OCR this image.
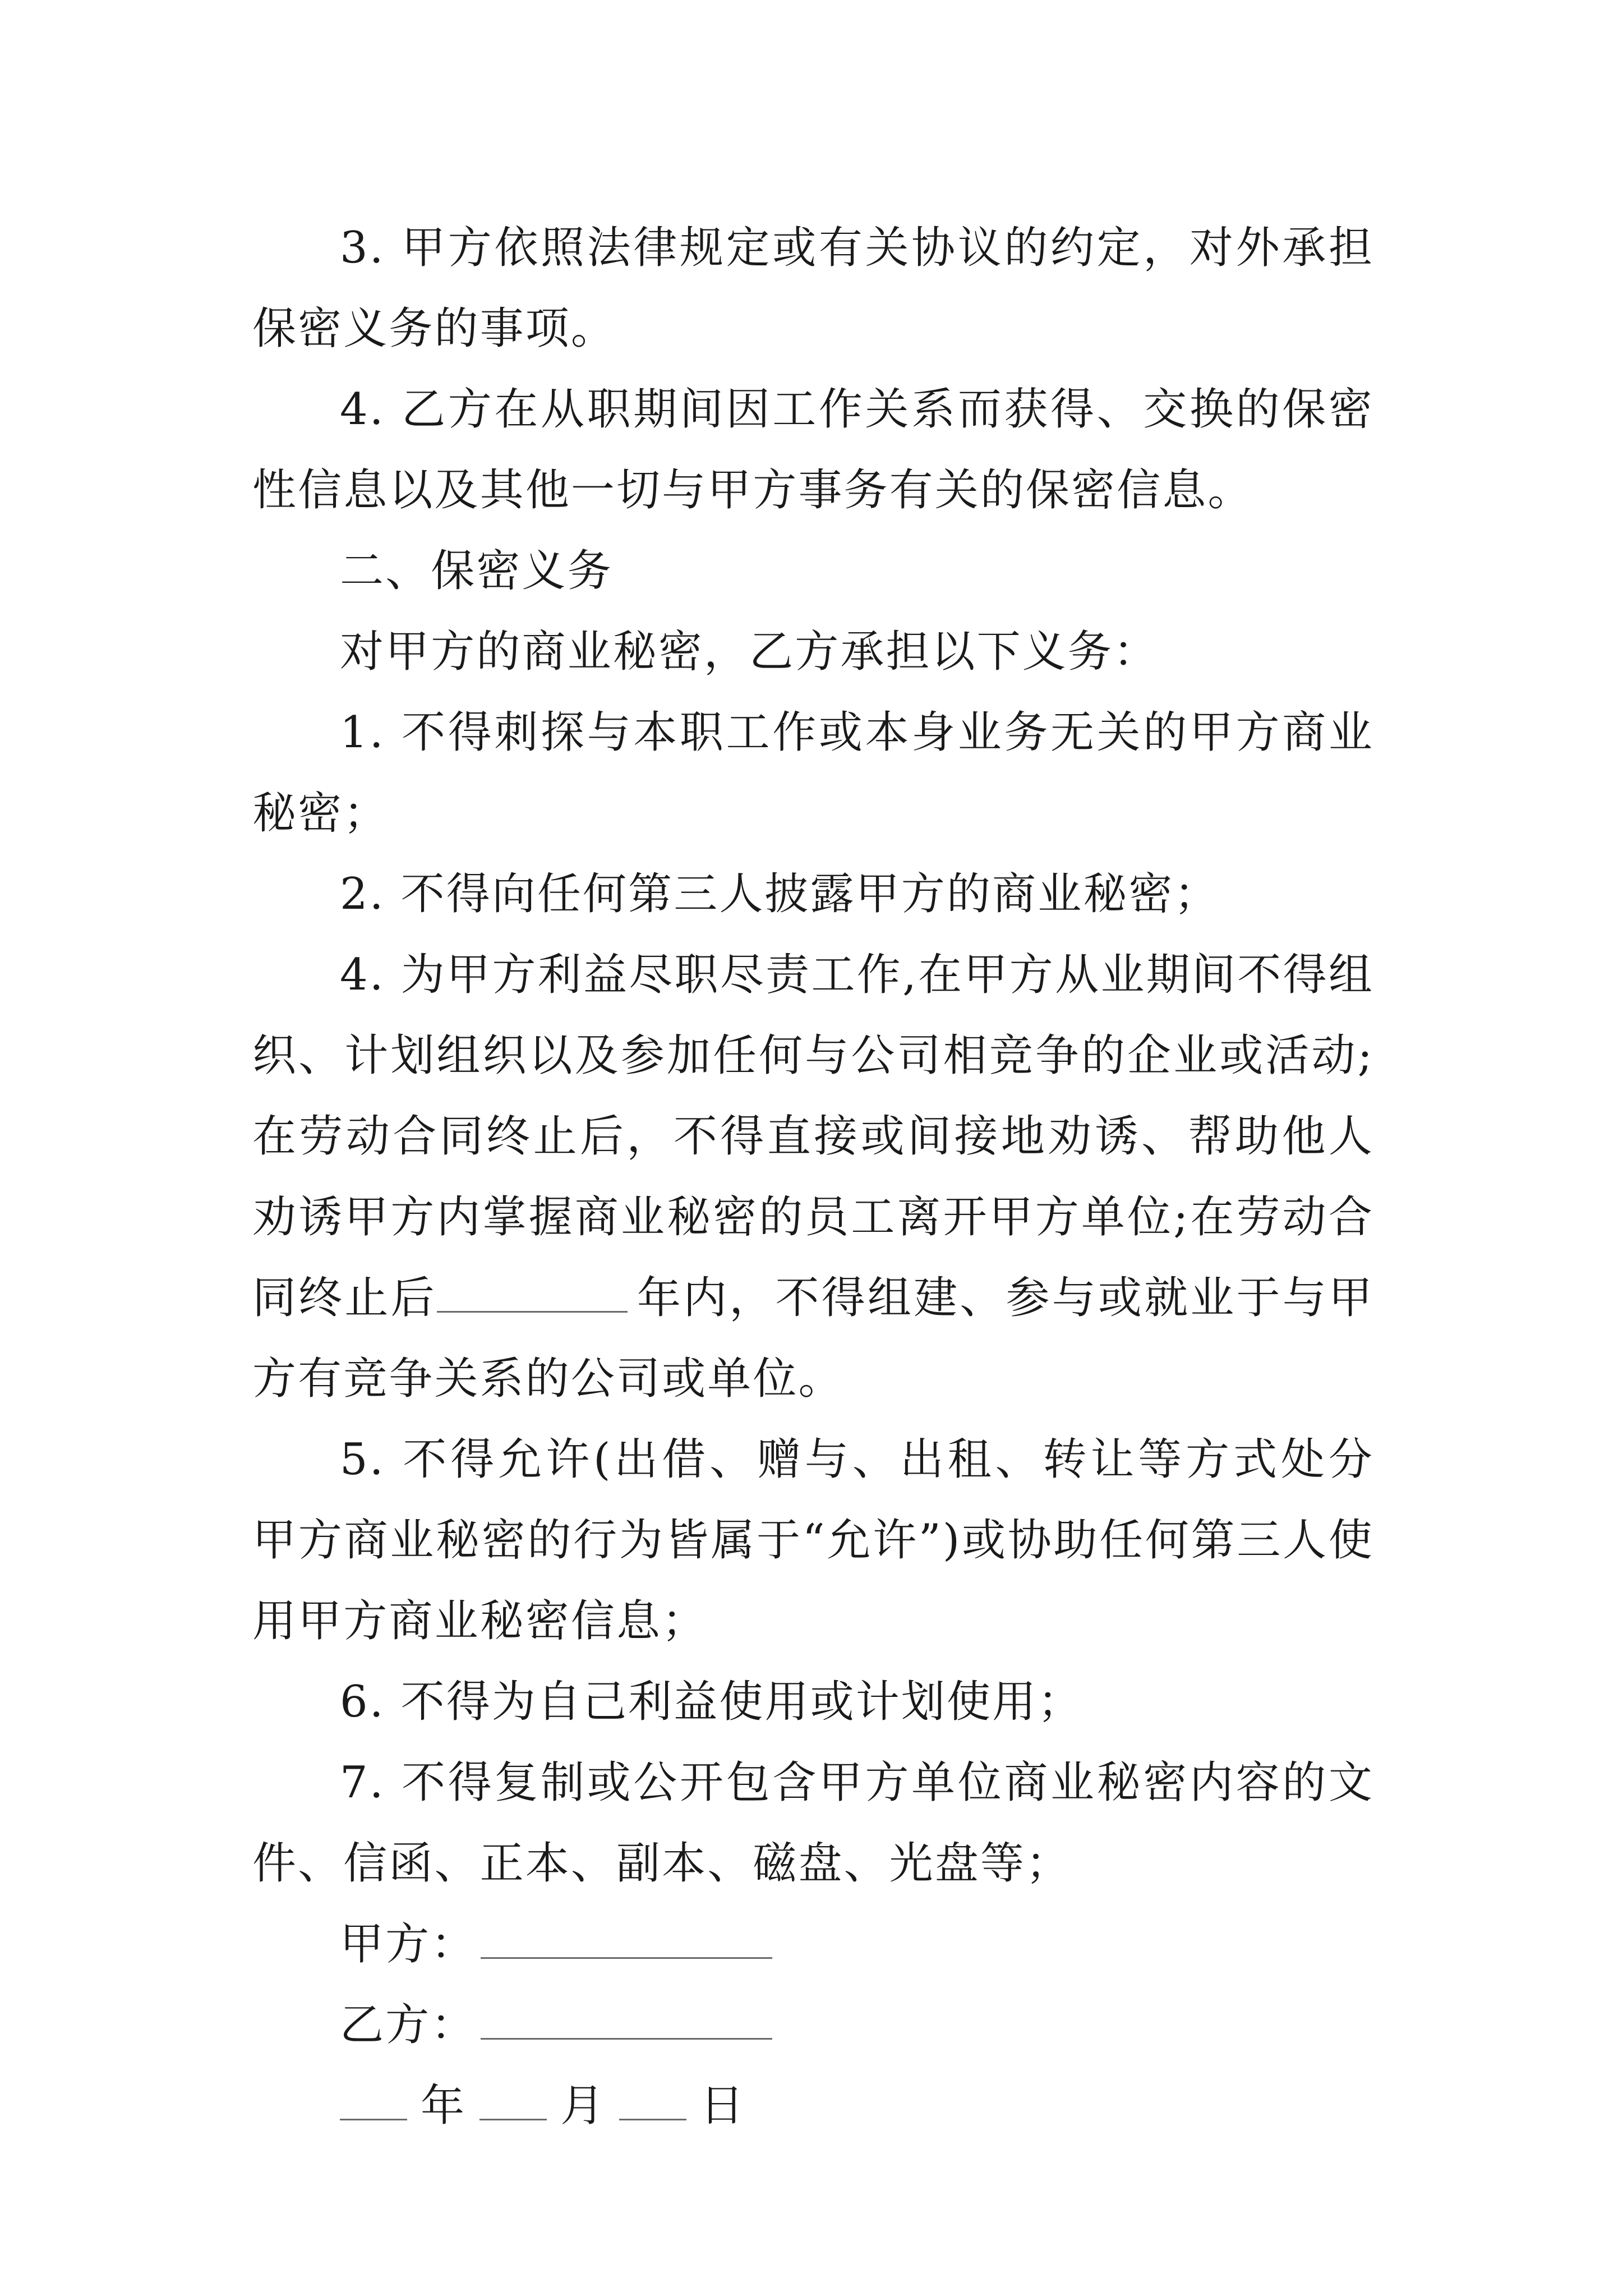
3. 甲方依照法律规定或有关协议的约定，对外承担保密义务的事项。

4. 乙方在从职期间因工作关系而获得、交换的保密性信息以及其他一切与甲方事务有关的保密信息。

二、保密义务

对甲方的商业秘密，乙方承担以下义务：

1. 不得刺探与本职工作或本身业务无关的甲方商业秘密；

2. 不得向任何第三人披露甲方的商业秘密；

4. 为甲方利益尽职尽责工作,在甲方从业期间不得组织、计划组织以及参加任何与公司相竞争的企业或活动;在劳动合同终止后，不得直接或间接地劝诱、帮助他人劝诱甲方内掌握商业秘密的员工离开甲方单位;在劳动合同终止后	年内，不得组建、参与或就业于与甲方有竞争关系的公司或单位。

5. 不得允许(出借、赠与、出租、转让等方式处分甲方商业秘密的行为皆属于“允许”)或协助任何第三人使用甲方商业秘密信息；

6. 不得为自己利益使用或计划使用；

7. 不得复制或公开包含甲方单位商业秘密内容的文件、信函、正本、副本、磁盘、光盘等；

甲方：

乙方：

年 月 日
